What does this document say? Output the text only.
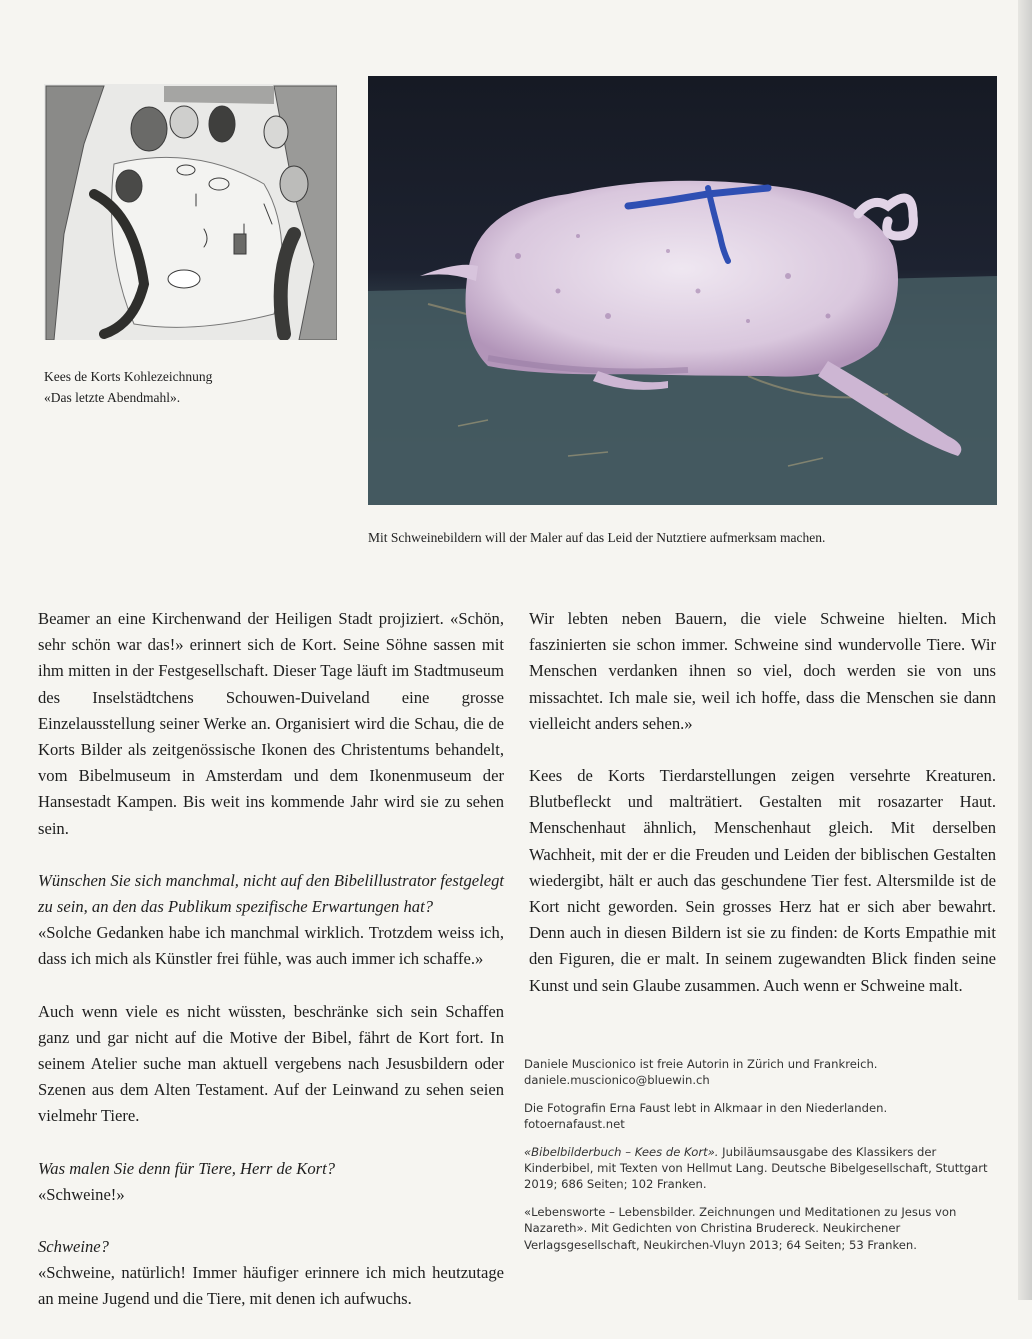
Kees de Korts Kohlezeichnung
«Das letzte Abendmahl».

Mit Schweinebildern will der Maler auf das Leid der Nutztiere aufmerksam machen.

Beamer an eine Kirchenwand der Heiligen Stadt projiziert. «Schön, sehr schön war das!» erinnert sich de Kort. Seine Söhne sassen mit ihm mitten in der Festgesellschaft. Dieser Tage läuft im Stadtmuseum des Inselstädtchens Schouwen-Duiveland eine grosse Einzelausstellung seiner Werke an. Organisiert wird die Schau, die de Korts Bilder als zeitgenössische Ikonen des Christentums behandelt, vom Bibelmuseum in Amsterdam und dem Ikonenmuseum der Hansestadt Kampen. Bis weit ins kommende Jahr wird sie zu sehen sein.

Wünschen Sie sich manchmal, nicht auf den Bibelillustrator festgelegt zu sein, an den das Publikum spezifische Erwartungen hat?

«Solche Gedanken habe ich manchmal wirklich. Trotzdem weiss ich, dass ich mich als Künstler frei fühle, was auch immer ich schaffe.»

Auch wenn viele es nicht wüssten, beschränke sich sein Schaffen ganz und gar nicht auf die Motive der Bibel, fährt de Kort fort. In seinem Atelier suche man aktuell vergebens nach Jesusbildern oder Szenen aus dem Alten Testament. Auf der Leinwand zu sehen seien vielmehr Tiere.

Was malen Sie denn für Tiere, Herr de Kort?

«Schweine!»

Schweine?

«Schweine, natürlich! Immer häufiger erinnere ich mich heutzutage an meine Jugend und die Tiere, mit denen ich aufwuchs.

Wir lebten neben Bauern, die viele Schweine hielten. Mich faszinierten sie schon immer. Schweine sind wundervolle Tiere. Wir Menschen verdanken ihnen so viel, doch werden sie von uns missachtet. Ich male sie, weil ich hoffe, dass die Menschen sie dann vielleicht anders sehen.»

Kees de Korts Tierdarstellungen zeigen versehrte Kreaturen. Blutbefleckt und malträtiert. Gestalten mit rosazarter Haut. Menschenhaut ähnlich, Menschenhaut gleich. Mit derselben Wachheit, mit der er die Freuden und Leiden der biblischen Gestalten wiedergibt, hält er auch das geschundene Tier fest. Altersmilde ist de Kort nicht geworden. Sein grosses Herz hat er sich aber bewahrt. Denn auch in diesen Bildern ist sie zu finden: de Korts Empathie mit den Figuren, die er malt. In seinem zugewandten Blick finden seine Kunst und sein Glaube zusammen. Auch wenn er Schweine malt.

Daniele Muscionico ist freie Autorin in Zürich und Frankreich.
daniele.muscionico@bluewin.ch

Die Fotografin Erna Faust lebt in Alkmaar in den Niederlanden.
fotoernafaust.net

«Bibelbilderbuch – Kees de Kort». Jubiläumsausgabe des Klassikers der Kinderbibel, mit Texten von Hellmut Lang. Deutsche Bibelgesellschaft, Stuttgart 2019; 686 Seiten; 102 Franken.

«Lebensworte – Lebensbilder. Zeichnungen und Meditationen zu Jesus von Nazareth». Mit Gedichten von Christina Brudereck. Neukirchener Verlagsgesellschaft, Neukirchen-Vluyn 2013; 64 Seiten; 53 Franken.
